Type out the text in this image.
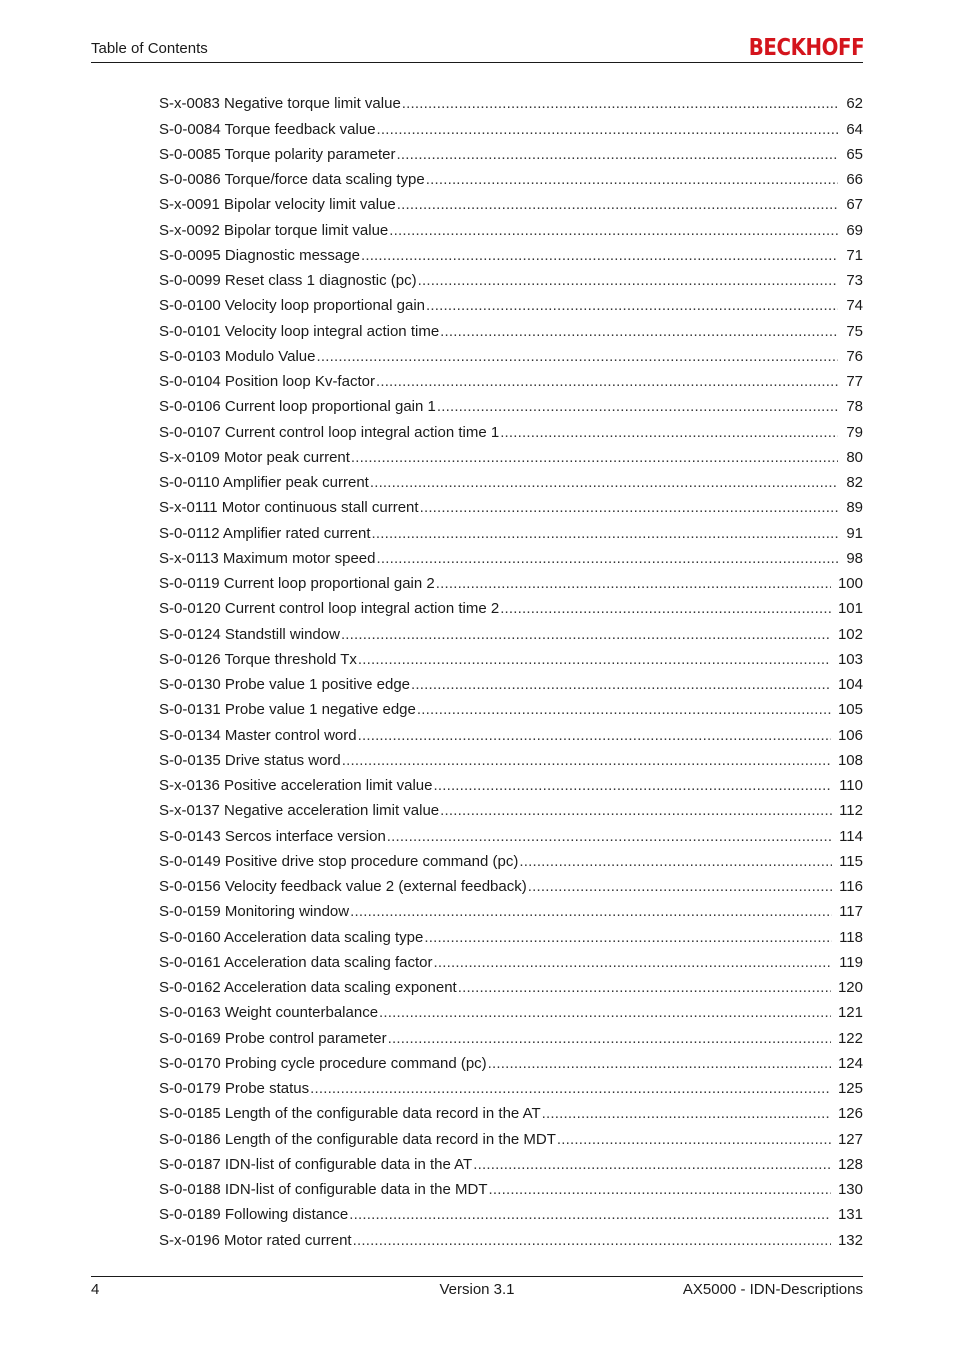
Table of Contents	BECKHOFF
S-x-0083 Negative torque limit value .....	62
S-0-0084 Torque feedback value .....	64
S-0-0085 Torque polarity parameter .....	65
S-0-0086 Torque/force data scaling type .....	66
S-x-0091 Bipolar velocity limit value .....	67
S-x-0092 Bipolar torque limit value .....	69
S-0-0095 Diagnostic message .....	71
S-0-0099 Reset class 1 diagnostic (pc) .....	73
S-0-0100 Velocity loop proportional gain .....	74
S-0-0101 Velocity loop integral action time .....	75
S-0-0103 Modulo Value .....	76
S-0-0104 Position loop Kv-factor .....	77
S-0-0106 Current loop proportional gain 1 .....	78
S-0-0107 Current control loop integral action time 1 .....	79
S-x-0109 Motor peak current .....	80
S-0-0110 Amplifier peak current .....	82
S-x-0111 Motor continuous stall current .....	89
S-0-0112 Amplifier rated current .....	91
S-x-0113 Maximum motor speed .....	98
S-0-0119 Current loop proportional gain 2 .....	100
S-0-0120 Current control loop integral action time 2 .....	101
S-0-0124 Standstill window .....	102
S-0-0126 Torque threshold Tx .....	103
S-0-0130 Probe value 1 positive edge .....	104
S-0-0131 Probe value 1 negative edge .....	105
S-0-0134 Master control word .....	106
S-0-0135 Drive status word .....	108
S-x-0136 Positive acceleration limit value .....	110
S-x-0137 Negative acceleration limit value .....	112
S-0-0143 Sercos interface version .....	114
S-0-0149 Positive drive stop procedure command (pc) .....	115
S-0-0156 Velocity feedback value 2 (external feedback) .....	116
S-0-0159 Monitoring window .....	117
S-0-0160 Acceleration data scaling type .....	118
S-0-0161 Acceleration data scaling factor .....	119
S-0-0162 Acceleration data scaling exponent .....	120
S-0-0163 Weight counterbalance .....	121
S-0-0169 Probe control parameter .....	122
S-0-0170 Probing cycle procedure command (pc) .....	124
S-0-0179 Probe status .....	125
S-0-0185 Length of the configurable data record in the AT .....	126
S-0-0186 Length of the configurable data record in the MDT .....	127
S-0-0187 IDN-list of configurable data in the AT .....	128
S-0-0188 IDN-list of configurable data in the MDT .....	130
S-0-0189 Following distance .....	131
S-x-0196 Motor rated current .....	132
4	Version 3.1	AX5000 - IDN-Descriptions
